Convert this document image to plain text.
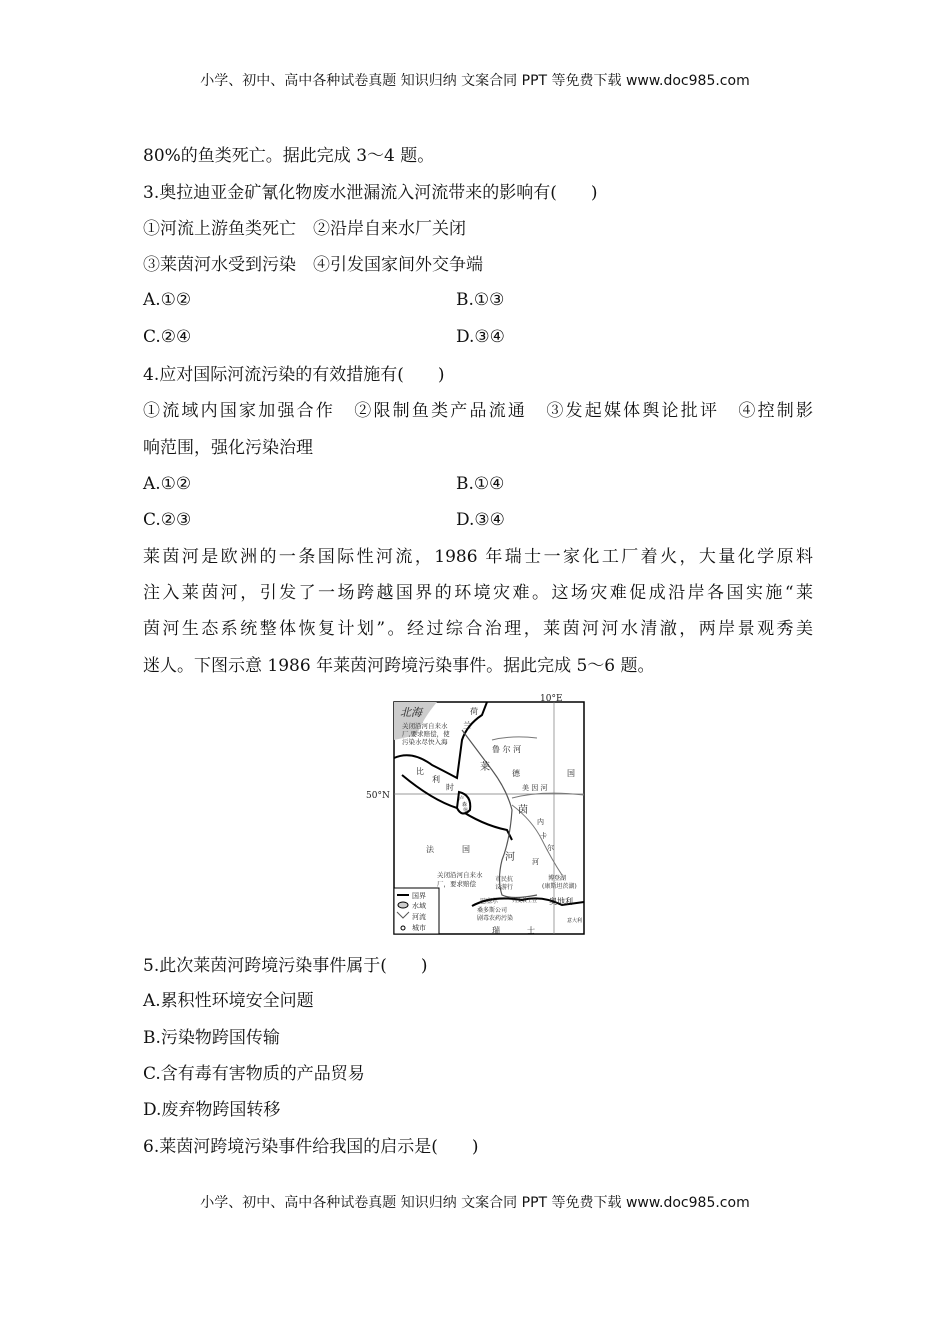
小学、初中、高中各种试卷真题 知识归纳 文案合同 PPT 等免费下载 www.doc985.com
80%的鱼类死亡。据此完成 3～4 题。
3.奥拉迪亚金矿氰化物废水泄漏流入河流带来的影响有(　　)
①河流上游鱼类死亡　②沿岸自来水厂关闭
③莱茵河水受到污染　④引发国家间外交争端
A.①②	B.①③
C.②④	D.③④
4.应对国际河流污染的有效措施有(　　)
①流域内国家加强合作　②限制鱼类产品流通　③发起媒体舆论批评　④控制影
响范围，强化污染治理
A.①②	B.①④
C.②③	D.③④
莱茵河是欧洲的一条国际性河流，1986 年瑞士一家化工厂着火，大量化学原料
注入莱茵河，引发了一场跨越国界的环境灾难。这场灾难促成沿岸各国实施“莱
茵河生态系统整体恢复计划”。经过综合治理，莱茵河河水清澈，两岸景观秀美
迷人。下图示意 1986 年莱茵河跨境污染事件。据此完成 5～6 题。
10°E
50°N
北海	荷
兰
关闭沿河自来水
厂,要求赔偿，使
污染水尽快入海
鲁 尔 河
比
利
时
卢
森
堡
莱
茵
河
德	国
美 因 河
内
卡
尔
河
法	国
关闭沿河自来水
厂，要求赔偿
市民抗
议游行
博登湖
(康斯坦茨湖)
巴塞尔
桑多斯公司
剧毒农药污染
列支敦士登 奥地利
瑞	士
意大利
国界
水域
河流
城市
5.此次莱茵河跨境污染事件属于(　　)
A.累积性环境安全问题
B.污染物跨国传输
C.含有毒有害物质的产品贸易
D.废弃物跨国转移
6.莱茵河跨境污染事件给我国的启示是(　　)
小学、初中、高中各种试卷真题 知识归纳 文案合同 PPT 等免费下载 www.doc985.com
